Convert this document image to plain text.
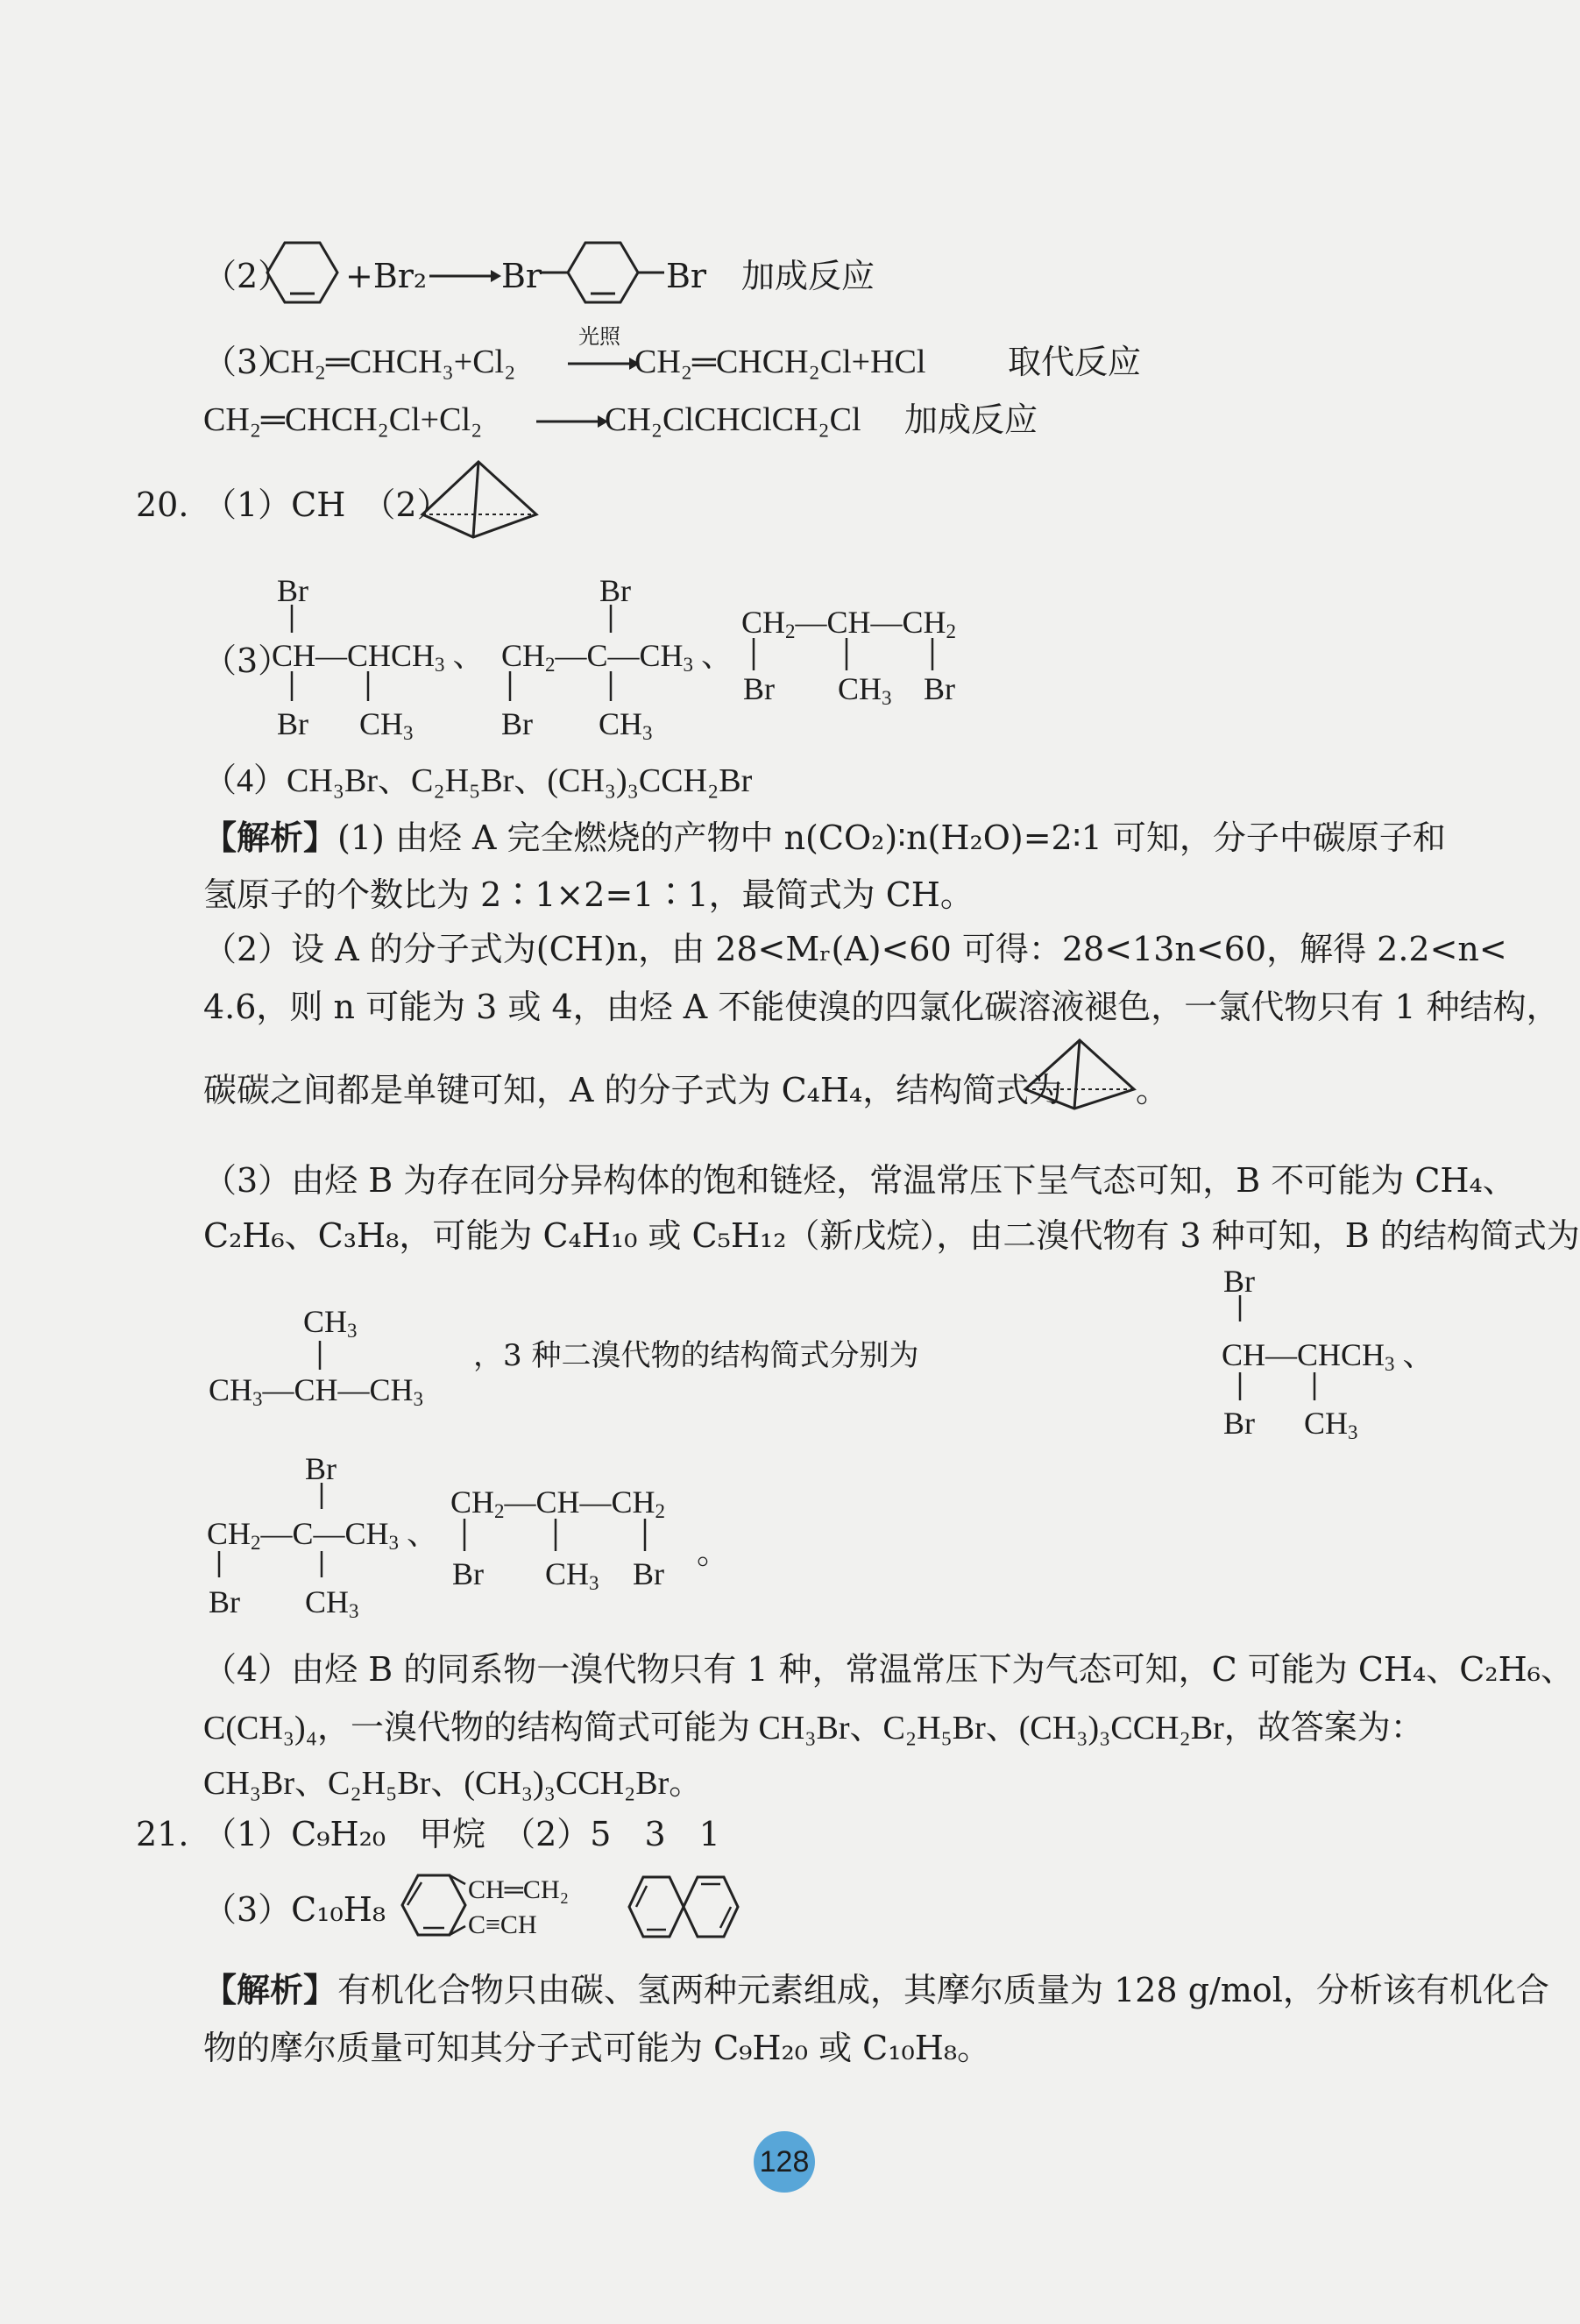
（2） +Br₂ Br	Br 加成反应
（3）
CH₂═CHCH₃+Cl₂
光照
CH₂═CHCH₂Cl+HCl 取代反应
CH₂═CHCH₂Cl+Cl₂	CH₂ClCHClCH₂Cl 加成反应
20. （1）CH　（2）
（3）
Br
CH—CHCH3 、
Br CH3
Br
CH2—C—CH3 、
Br CH3
CH2—CH—CH2
Br CH3 Br
（4）CH₃Br、C₂H₅Br、(CH₃)₃CCH₂Br
【解析】 (1) 由烃 A 完全燃烧的产物中 n(CO₂)∶n(H₂O)=2∶1 可知，分子中碳原子和
氢原子的个数比为 2∶1×2=1∶1，最简式为 CH。
（2）设 A 的分子式为(CH)n，由 28<Mᵣ(A)<60 可得：28<13n<60，解得 2.2<n<
4.6，则 n 可能为 3 或 4，由烃 A 不能使溴的四氯化碳溶液褪色，一氯代物只有 1 种结构，
碳碳之间都是单键可知，A 的分子式为 C₄H₄，结构简式为 。
（3）由烃 B 为存在同分异构体的饱和链烃，常温常压下呈气态可知，B 不可能为 CH₄、
C₂H₆、C₃H₈，可能为 C₄H₁₀ 或 C₅H₁₂（新戊烷），由二溴代物有 3 种可知，B 的结构简式为
CH3
CH3—CH—CH3
Br
CH—CHCH3 、
Br CH3
Br
CH2—C—CH3 、
Br CH3
CH2—CH—CH2
Br CH3 Br
，3 种二溴代物的结构简式分别为
。
（4）由烃 B 的同系物一溴代物只有 1 种，常温常压下为气态可知，C 可能为 CH₄、C₂H₆、
C(CH₃)₄，一溴代物的结构简式可能为 CH₃Br、C₂H₅Br、(CH₃)₃CCH₂Br，故答案为：
CH₃Br、C₂H₅Br、(CH₃)₃CCH₂Br。
21. （1）C₉H₂₀　甲烷　（2）5　3　1
（3）C₁₀H₈
CH═CH₂
C≡CH
【解析】 有机化合物只由碳、氢两种元素组成，其摩尔质量为 128 g/mol，分析该有机化合
物的摩尔质量可知其分子式可能为 C₉H₂₀ 或 C₁₀H₈。
128
